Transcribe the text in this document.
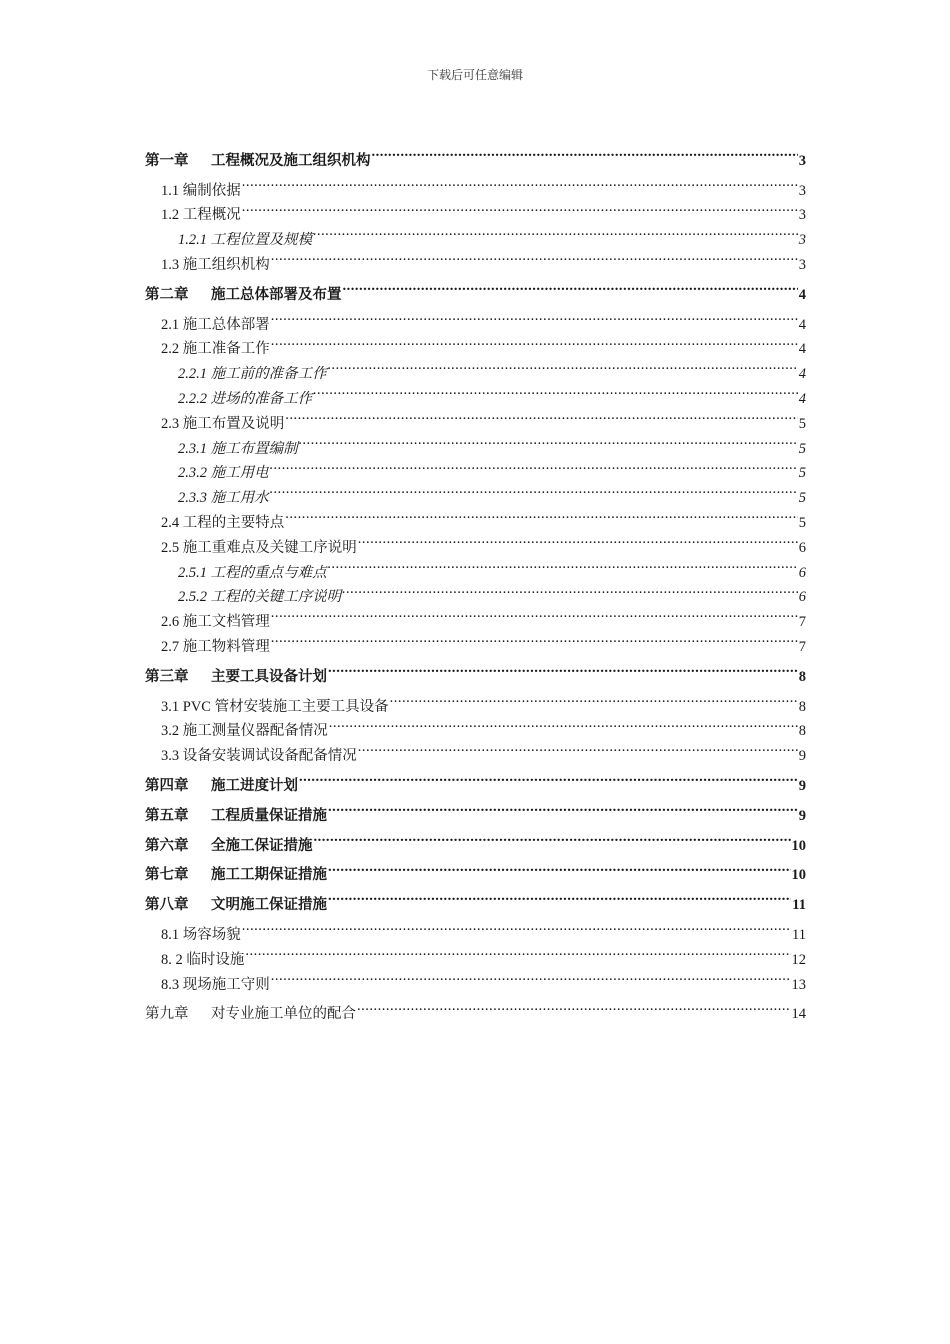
下载后可任意编辑
第一章 工程概况及施工组织机构 .....	3
1.1 编制依据 .....	3
1.2 工程概况 .....	3
1.2.1 工程位置及规模 .....	3
1.3 施工组织机构 .....	3
第二章 施工总体部署及布置 .....	4
2.1 施工总体部署 .....	4
2.2 施工准备工作 .....	4
2.2.1 施工前的准备工作 .....	4
2.2.2 进场的准备工作 .....	4
2.3 施工布置及说明 .....	5
2.3.1 施工布置编制 .....	5
2.3.2 施工用电 .....	5
2.3.3 施工用水 .....	5
2.4 工程的主要特点 .....	5
2.5 施工重难点及关键工序说明 .....	6
2.5.1 工程的重点与难点 .....	6
2.5.2 工程的关键工序说明 .....	6
2.6 施工文档管理 .....	7
2.7 施工物料管理 .....	7
第三章 主要工具设备计划 .....	8
3.1 PVC 管材安装施工主要工具设备 .....	8
3.2 施工测量仪器配备情况 .....	8
3.3 设备安装调试设备配备情况 .....	9
第四章 施工进度计划 .....	9
第五章 工程质量保证措施 .....	9
第六章 全施工保证措施 .....	10
第七章 施工工期保证措施 .....	10
第八章 文明施工保证措施 .....	11
8.1 场容场貌 .....	11
8. 2 临时设施 .....	12
8.3 现场施工守则 .....	13
第九章 对专业施工单位的配合 .....	14
